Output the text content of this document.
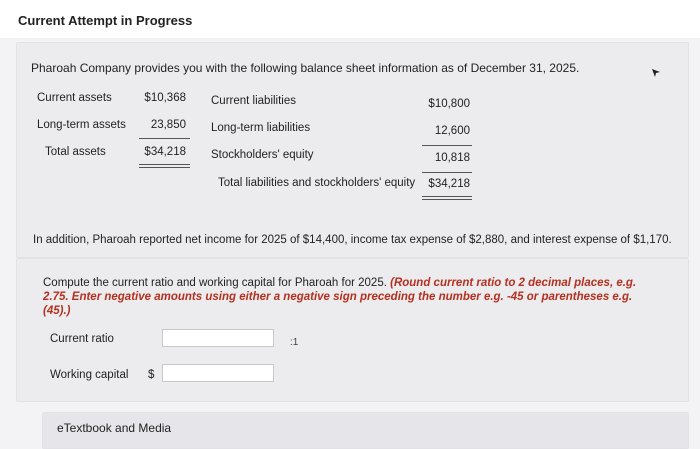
Current Attempt in Progress
Pharoah Company provides you with the following balance sheet information as of December 31, 2025.
Current assets	$10,368
Long-term assets	23,850
Total assets	$34,218
Current liabilities	$10,800
Long-term liabilities	12,600
Stockholders' equity	10,818
Total liabilities and stockholders' equity	$34,218
In addition, Pharoah reported net income for 2025 of $14,400, income tax expense of $2,880, and interest expense of $1,170.
Compute the current ratio and working capital for Pharoah for 2025. (Round current ratio to 2 decimal places, e.g. 2.75. Enter negative amounts using either a negative sign preceding the number e.g. -45 or parentheses e.g. (45).)
Current ratio	:1
Working capital $
eTextbook and Media
